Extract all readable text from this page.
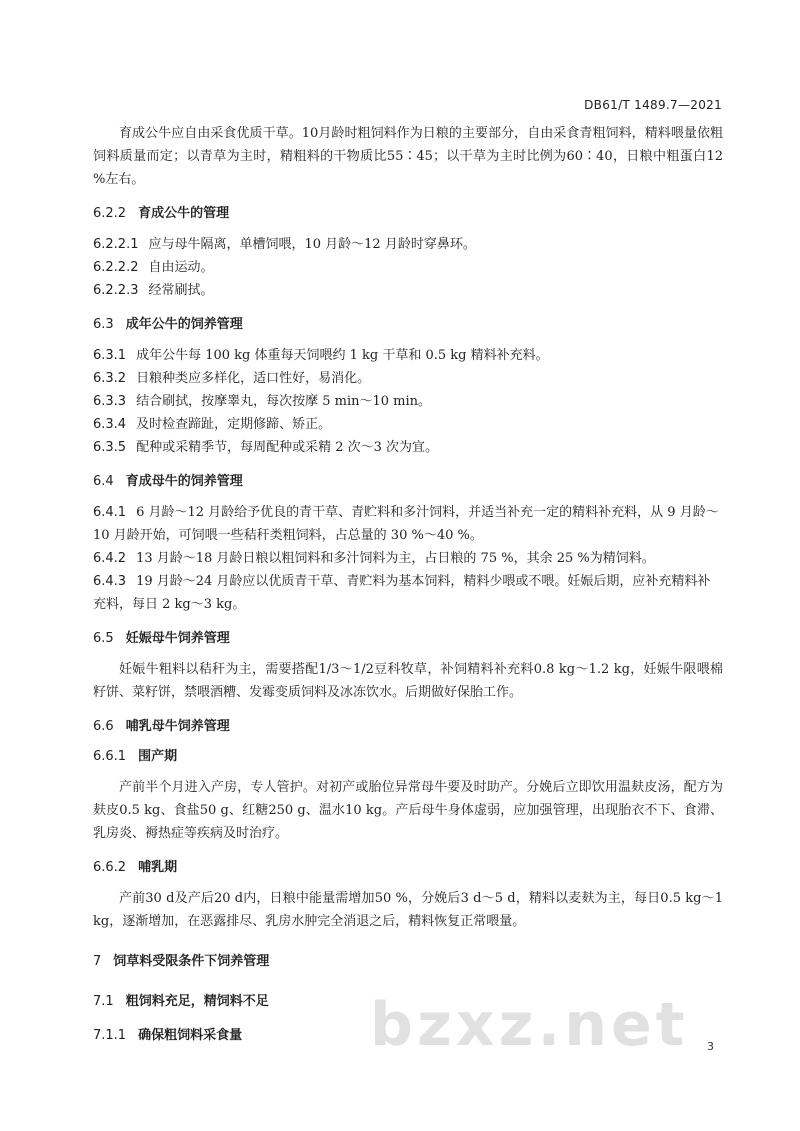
DB61/T 1489.7—2021

育成公牛应自由采食优质干草。10月龄时粗饲料作为日粮的主要部分，自由采食青粗饲料，精料喂量依粗饲料质量而定；以青草为主时，精粗料的干物质比55∶45；以干草为主时比例为60∶40，日粮中粗蛋白12 %左右。

6.2.2 育成公牛的管理
6.2.2.1 应与母牛隔离，单槽饲喂，10 月龄～12 月龄时穿鼻环。
6.2.2.2 自由运动。
6.2.2.3 经常刷拭。
6.3 成年公牛的饲养管理
6.3.1 成年公牛每 100 kg 体重每天饲喂约 1 kg 干草和 0.5 kg 精料补充料。
6.3.2 日粮种类应多样化，适口性好，易消化。
6.3.3 结合刷拭，按摩睾丸，每次按摩 5 min～10 min。
6.3.4 及时检查蹄趾，定期修蹄、矫正。
6.3.5 配种或采精季节，每周配种或采精 2 次～3 次为宜。
6.4 育成母牛的饲养管理
6.4.1 6 月龄～12 月龄给予优良的青干草、青贮料和多汁饲料，并适当补充一定的精料补充料，从 9 月龄～10 月龄开始，可饲喂一些秸秆类粗饲料，占总量的 30 %～40 %。
6.4.2 13 月龄～18 月龄日粮以粗饲料和多汁饲料为主，占日粮的 75 %，其余 25 %为精饲料。
6.4.3 19 月龄～24 月龄应以优质青干草、青贮料为基本饲料，精料少喂或不喂。妊娠后期，应补充精料补充料，每日 2 kg～3 kg。
6.5 妊娠母牛饲养管理

妊娠牛粗料以秸秆为主，需要搭配1/3～1/2豆科牧草，补饲精料补充料0.8 kg～1.2 kg，妊娠牛限喂棉籽饼、菜籽饼，禁喂酒糟、发霉变质饲料及冰冻饮水。后期做好保胎工作。

6.6 哺乳母牛饲养管理
6.6.1 围产期

产前半个月进入产房，专人管护。对初产或胎位异常母牛要及时助产。分娩后立即饮用温麸皮汤，配方为麸皮0.5 kg、食盐50 g、红糖250 g、温水10 kg。产后母牛身体虚弱，应加强管理，出现胎衣不下、食滞、乳房炎、褥热症等疾病及时治疗。

6.6.2 哺乳期

产前30 d及产后20 d内，日粮中能量需增加50 %，分娩后3 d～5 d，精料以麦麸为主，每日0.5 kg～1 kg，逐渐增加，在恶露排尽、乳房水肿完全消退之后，精料恢复正常喂量。

7 饲草料受限条件下饲养管理
7.1 粗饲料充足，精饲料不足
7.1.1 确保粗饲料采食量	bzxz.net 3
